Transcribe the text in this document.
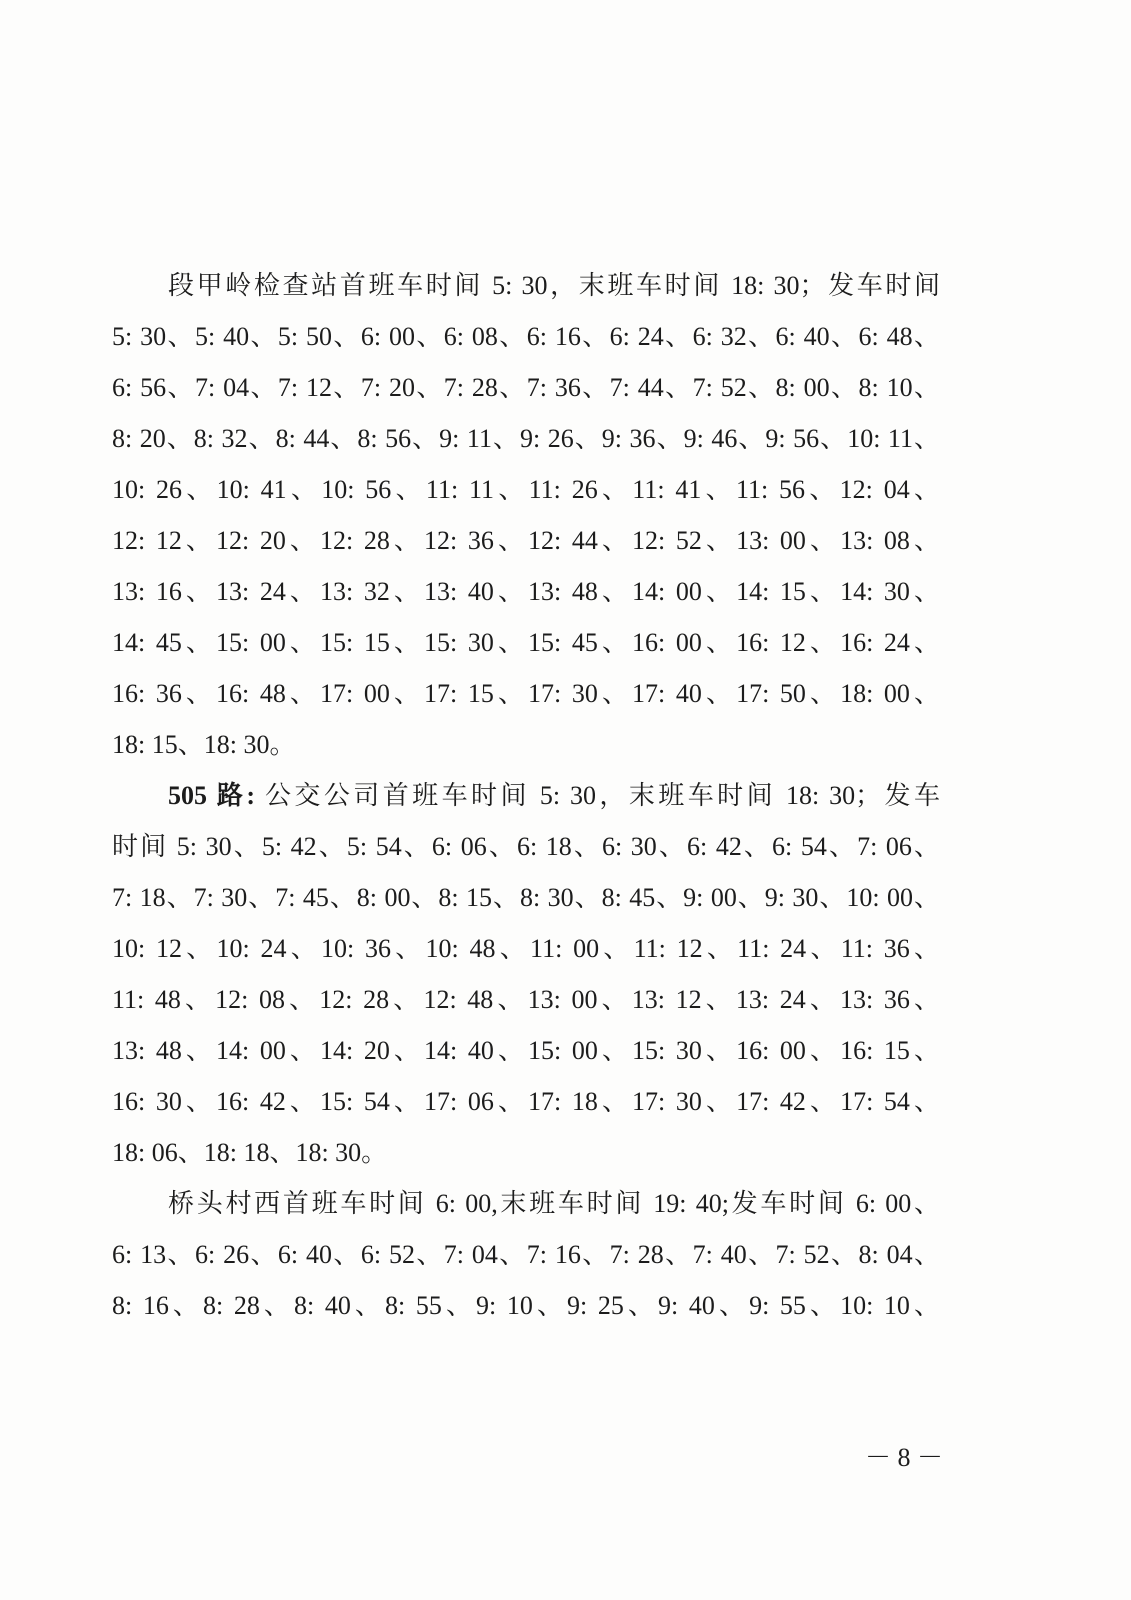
段甲岭检查站首班车时间 5: 30，末班车时间 18: 30；发车时间
5: 30、5: 40、5: 50、6: 00、6: 08、6: 16、6: 24、6: 32、6: 40、6: 48、
6: 56、7: 04、7: 12、7: 20、7: 28、7: 36、7: 44、7: 52、8: 00、8: 10、
8: 20、8: 32、8: 44、8: 56、9: 11、9: 26、9: 36、9: 46、9: 56、10: 11、
10: 26、10: 41、10: 56、11: 11、11: 26、11: 41、11: 56、12: 04、
12: 12、12: 20、12: 28、12: 36、12: 44、12: 52、13: 00、13: 08、
13: 16、13: 24、13: 32、13: 40、13: 48、14: 00、14: 15、14: 30、
14: 45、15: 00、15: 15、15: 30、15: 45、16: 00、16: 12、16: 24、
16: 36、16: 48、17: 00、17: 15、17: 30、17: 40、17: 50、18: 00、
18: 15、18: 30。
505 路: 公交公司首班车时间 5: 30，末班车时间 18: 30；发车
时间 5: 30、5: 42、5: 54、6: 06、6: 18、6: 30、6: 42、6: 54、7: 06、
7: 18、7: 30、7: 45、8: 00、8: 15、8: 30、8: 45、9: 00、9: 30、10: 00、
10: 12、10: 24、10: 36、10: 48、11: 00、11: 12、11: 24、11: 36、
11: 48、12: 08、12: 28、12: 48、13: 00、13: 12、13: 24、13: 36、
13: 48、14: 00、14: 20、14: 40、15: 00、15: 30、16: 00、16: 15、
16: 30、16: 42、15: 54、17: 06、17: 18、17: 30、17: 42、17: 54、
18: 06、18: 18、18: 30。
桥头村西首班车时间 6: 00,末班车时间 19: 40;发车时间 6: 00、
6: 13、6: 26、6: 40、6: 52、7: 04、7: 16、7: 28、7: 40、7: 52、8: 04、
8: 16、8: 28、8: 40、8: 55、9: 10、9: 25、9: 40、9: 55、10: 10、
－ 8 －
